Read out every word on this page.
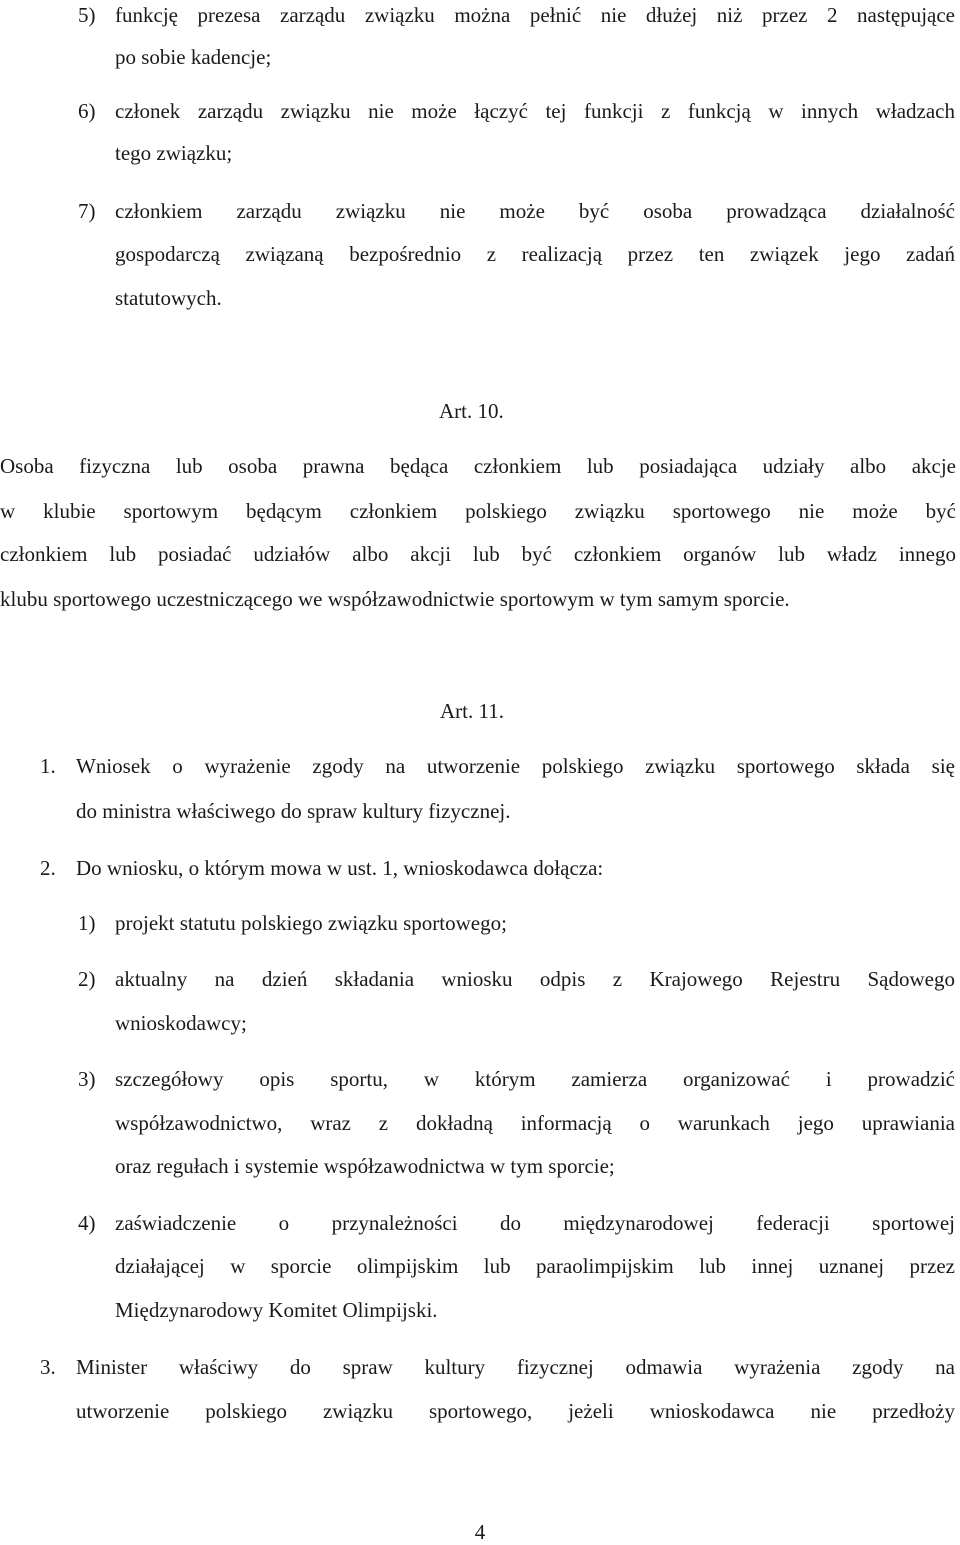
5) funkcję prezesa zarządu związku można pełnić nie dłużej niż przez 2 następujące
po sobie kadencje;
6) członek zarządu związku nie może łączyć tej funkcji z funkcją w innych władzach
tego związku;
7) członkiem zarządu związku nie może być osoba prowadząca działalność
gospodarczą związaną bezpośrednio z realizacją przez ten związek jego zadań
statutowych.
Art. 10.
Osoba fizyczna lub osoba prawna będąca członkiem lub posiadająca udziały albo akcje
w klubie sportowym będącym członkiem polskiego związku sportowego nie może być
członkiem lub posiadać udziałów albo akcji lub być członkiem organów lub władz innego
klubu sportowego uczestniczącego we współzawodnictwie sportowym w tym samym sporcie.
Art. 11.
1. Wniosek o wyrażenie zgody na utworzenie polskiego związku sportowego składa się
do ministra właściwego do spraw kultury fizycznej.
2. Do wniosku, o którym mowa w ust. 1, wnioskodawca dołącza:
1) projekt statutu polskiego związku sportowego;
2) aktualny na dzień składania wniosku odpis z Krajowego Rejestru Sądowego
wnioskodawcy;
3) szczegółowy opis sportu, w którym zamierza organizować i prowadzić
współzawodnictwo, wraz z dokładną informacją o warunkach jego uprawiania
oraz regułach i systemie współzawodnictwa w tym sporcie;
4) zaświadczenie o przynależności do międzynarodowej federacji sportowej
działającej w sporcie olimpijskim lub paraolimpijskim lub innej uznanej przez
Międzynarodowy Komitet Olimpijski.
3. Minister właściwy do spraw kultury fizycznej odmawia wyrażenia zgody na
utworzenie polskiego związku sportowego, jeżeli wnioskodawca nie przedłoży
4
